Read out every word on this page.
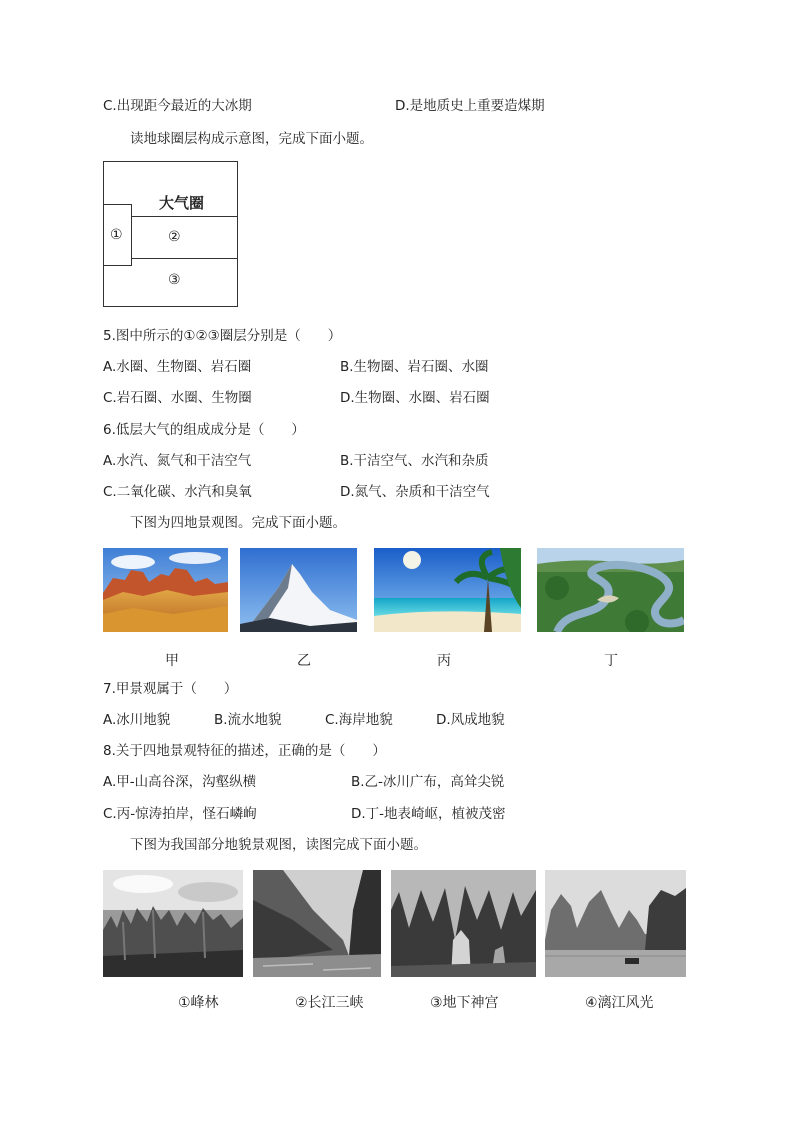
C.出现距今最近的大冰期	D.是地质史上重要造煤期
读地球圈层构成示意图，完成下面小题。
大气圈
①	②
③
5.图中所示的①②③圈层分别是（　　）
A.水圈、生物圈、岩石圈	B.生物圈、岩石圈、水圈
C.岩石圈、水圈、生物圈	D.生物圈、水圈、岩石圈
6.低层大气的组成成分是（　　）
A.水汽、氮气和干洁空气	B.干洁空气、水汽和杂质
C.二氧化碳、水汽和臭氧	D.氮气、杂质和干洁空气
下图为四地景观图。完成下面小题。
甲	乙	丙	丁
7.甲景观属于（　　）
A.冰川地貌	B.流水地貌	C.海岸地貌	D.风成地貌
8.关于四地景观特征的描述，正确的是（　　）
A.甲-山高谷深，沟壑纵横	B.乙-冰川广布，高耸尖锐
C.丙-惊涛拍岸，怪石嶙峋	D.丁-地表崎岖，植被茂密
下图为我国部分地貌景观图，读图完成下面小题。
①峰林	②长江三峡	③地下神宫	④漓江风光
